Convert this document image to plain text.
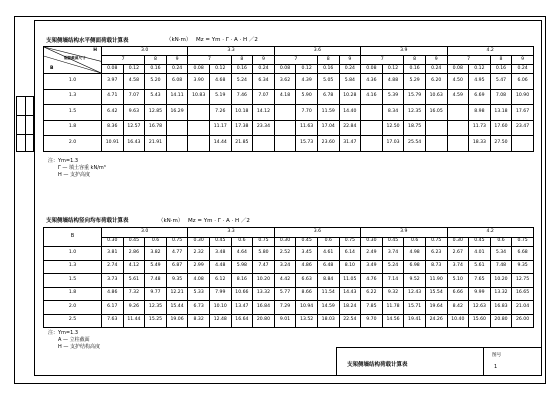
支架侧墙结构水平侧面荷载计算表	（kN·m） Mz = Ym · Γ · A · H ／2
H
钢筋截面尺寸
B	3.0				3.3				3.6				3.9				4.2			
	7		8	9	7		8	9	7		8	9	7		8	9	7		8	9
	0.08	0.12	0.16	0.24	0.08	0.12	0.16	0.24	0.08	0.12	0.16	0.24	0.08	0.12	0.16	0.24	0.08	0.12	0.16	0.24
1.0	3.97	4.58	5.20	6.08	3.90	4.68	5.24	6.34	3.62	4.39	5.05	5.84	4.36	4.88	5.29	6.20	4.50	4.95	5.47	6.06
1.3	4.71	7.07	5.43	14.11	10.83	5.19	7.46	7.07	4.18	5.90	6.78	10.28	4.16	5.39	15.79	10.63	4.59	6.69	7.08	10.90
1.5	6.42	9.63	12.85	16.29		7.26	10.18	14.12		7.70	11.59	14.40		8.34	12.35	16.05		8.98	13.18	17.67
1.8	8.36	12.57	16.78			11.17	17.38	23.34		11.63	17.04	22.84		12.50	18.75			11.73	17.60	23.47
2.0	10.91	16.43	21.91			14.44	21.85			15.73	23.60	31.47		17.03	25.54			18.33	27.50	
注：Ym=1.3
Γ — 填土容重 kN/m³
H — 支护高度
支架侧墙结构竖向均布荷载计算表	（kN·m） Mz = Ym · Γ · A · H ／2
B	3.0				3.3				3.6				3.9				4.2			
	0.30	0.45	0.6	0.75	0.30	0.45	0.6	0.75	0.30	0.45	0.6	0.75	0.30	0.45	0.6	0.75	0.30	0.45	0.6	0.75
1.0	3.81	2.86	3.82	4.77	2.32	3.48	4.64	5.80	2.52	3.45	4.61	6.14	2.49	3.74	4.98	6.23	2.67	4.01	5.34	6.68
1.3	2.74	4.12	5.49	6.87	2.99	4.48	5.98	7.47	3.24	4.86	6.48	8.10	3.49	5.24	6.98	8.73	3.74	5.61	7.48	9.35
1.5	3.73	5.61	7.48	9.35	4.08	6.12	8.16	10.20	4.42	6.63	8.84	11.05	4.76	7.14	9.52	11.90	5.10	7.65	10.20	12.75
1.8	4.86	7.32	9.77	12.21	5.33	7.99	10.66	13.32	5.77	8.66	11.54	14.43	6.22	9.32	12.43	15.54	6.66	9.99	13.32	16.65
2.0	6.17	9.26	12.35	15.44	6.73	10.10	13.47	16.84	7.29	10.94	14.59	18.24	7.85	11.78	15.71	19.64	8.42	12.63	16.83	21.04
2.5	7.63	11.44	15.25	19.06	8.32	12.48	16.64	20.80	9.01	13.52	18.03	22.54	9.70	14.56	19.41	24.26	10.40	15.60	20.80	26.00
注：Ym=1.3
A — 立柱截面
H — 支护结构高度
支架侧墙结构荷载计算表
图号
1
